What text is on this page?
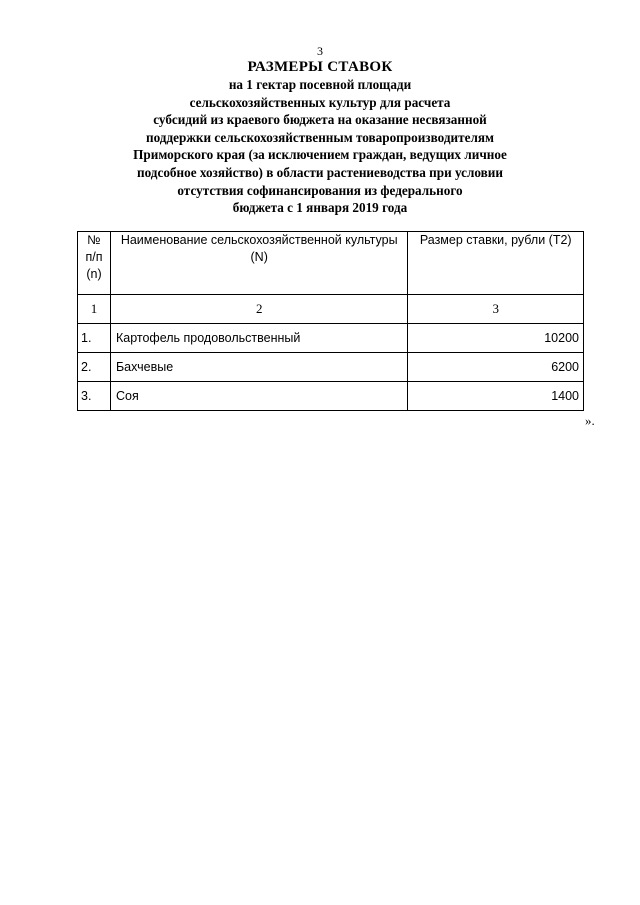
3
РАЗМЕРЫ СТАВОК
на 1 гектар посевной площади
сельскохозяйственных культур для расчета
субсидий из краевого бюджета на оказание несвязанной
поддержки сельскохозяйственным товаропроизводителям
Приморского края (за исключением граждан, ведущих личное
подсобное хозяйство) в области растениеводства при условии
отсутствия софинансирования из федерального
бюджета с 1 января 2019 года
№ п/п (n)	Наименование сельскохозяйственной культуры (N)	Размер ставки, рубли (T2)
1	2	3
1.	Картофель продовольственный	10200
2.	Бахчевые	6200
3.	Соя	1400
».
